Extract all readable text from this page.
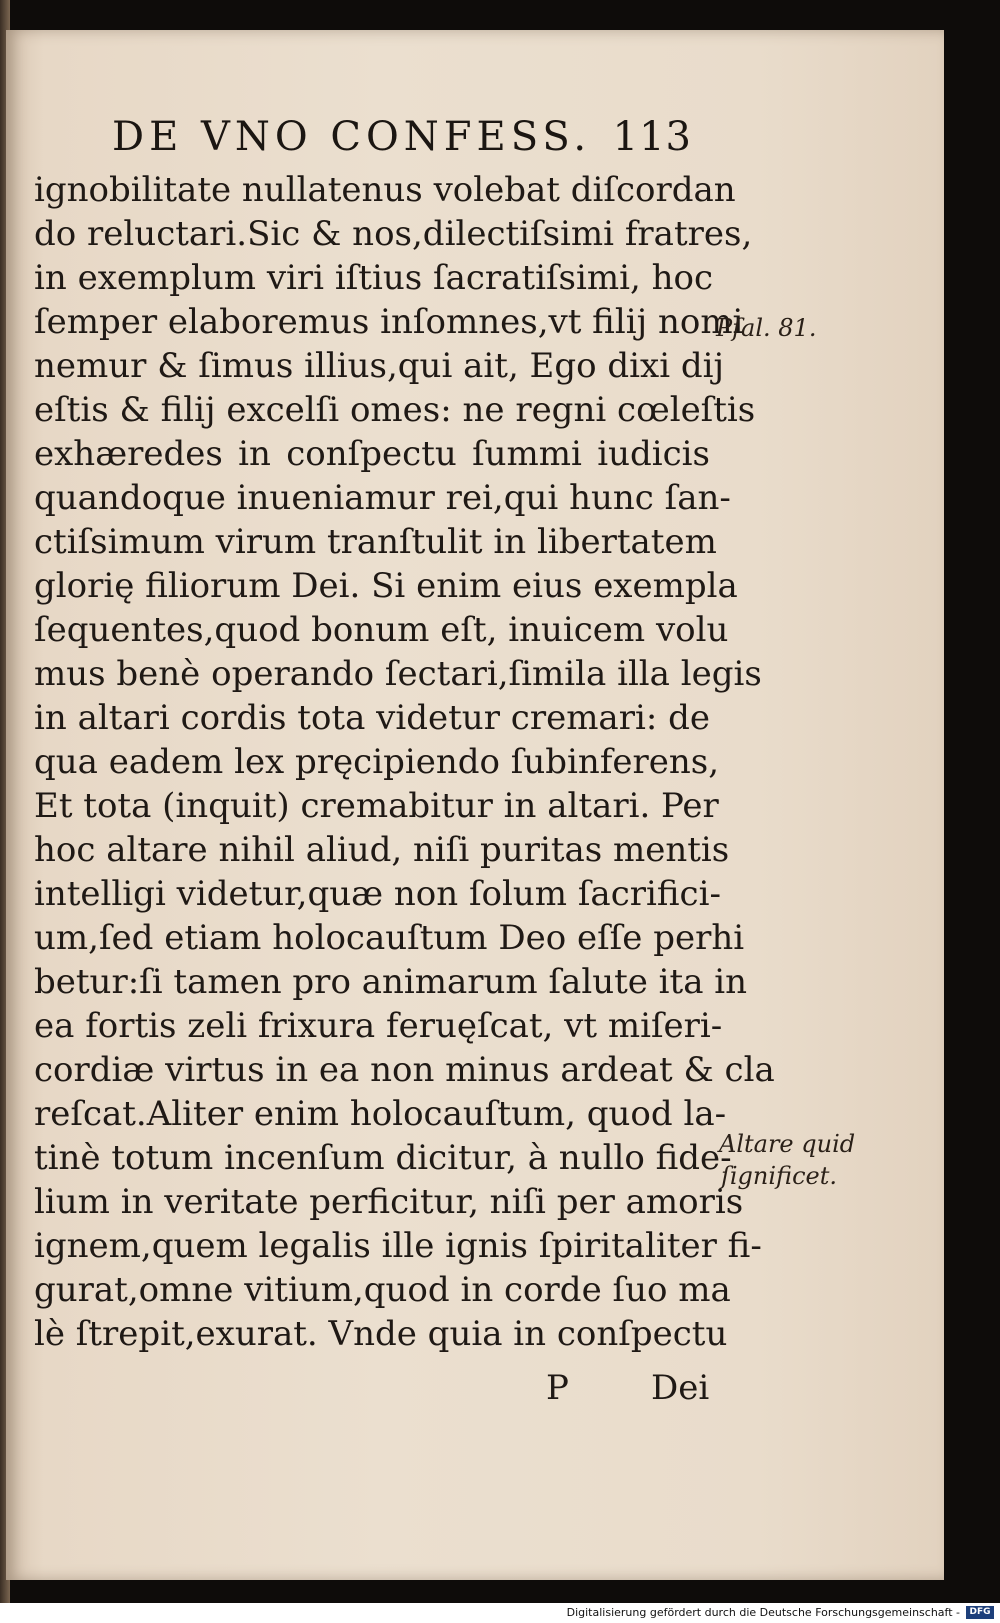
DE VNO CONFESS. 113
ignobilitate nullatenus volebat diſcordan
do reluctari.Sic & nos,dilectiſsimi fratres,
in exemplum viri iſtius ſacratiſsimi, hoc
ſemper elaboremus inſomnes,vt filij nomi
nemur & ſimus illius,qui ait, Ego dixi dij
eſtis & filij excelſi omes: ne regni cœleſtis
exhæredes in conſpectu ſummi iudicis
quandoque inueniamur rei,qui hunc ſan-
ctiſsimum virum tranſtulit in libertatem
glorię filiorum Dei. Si enim eius exempla
ſequentes,quod bonum eſt, inuicem volu
mus benè operando ſectari,ſimila illa legis
in altari cordis tota videtur cremari: de
qua eadem lex pręcipiendo ſubinferens,
Et tota (inquit) cremabitur in altari. Per
hoc altare nihil aliud, niſi puritas mentis
intelligi videtur,quæ non ſolum ſacrifici-
um,ſed etiam holocauſtum Deo eſſe perhi
betur:ſi tamen pro animarum ſalute ita in
ea fortis zeli frixura feruęſcat, vt miſeri-
cordiæ virtus in ea non minus ardeat & cla
reſcat.Aliter enim holocauſtum, quod la-
tinè totum incenſum dicitur, à nullo fide-
lium in veritate perficitur, niſi per amoris
ignem,quem legalis ille ignis ſpiritaliter fi-
gurat,omne vitium,quod in corde ſuo ma
lè ſtrepit,exurat. Vnde quia in conſpectu
P Dei
Pſal. 81.
Altare quid
ſignificet.
Digitalisierung gefördert durch die Deutsche Forschungsgemeinschaft -	DFG
